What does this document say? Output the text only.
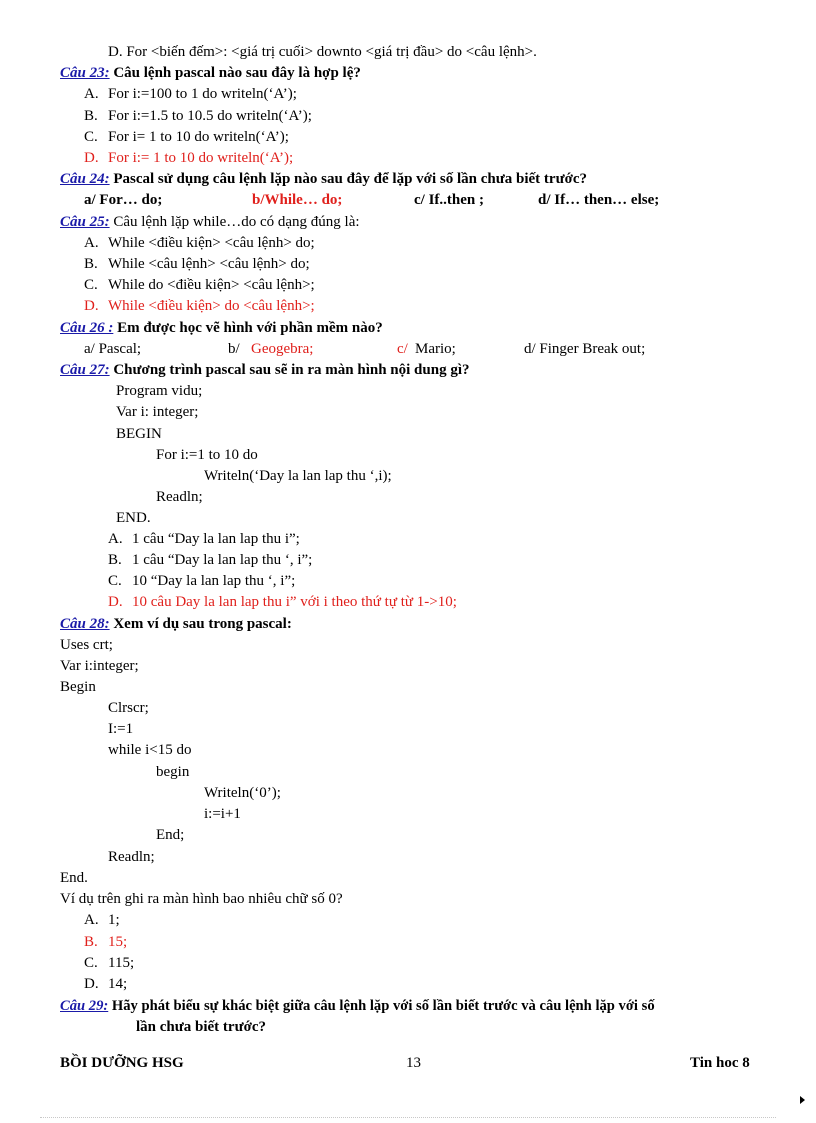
D. For <biến đếm>: <giá trị cuối> downto <giá trị đầu> do <câu lệnh>.
Câu 23: Câu lệnh pascal nào sau đây là hợp lệ?
A. For i:=100 to 1 do writeln(‘A’);
B. For i:=1.5 to 10.5 do writeln(‘A’);
C. For i= 1 to 10 do writeln(‘A’);
D. For i:= 1 to 10 do writeln(‘A’);
Câu 24: Pascal sử dụng câu lệnh lặp nào sau đây để lặp với số lần chưa biết trước?
a/ For… do;	b/While… do;	c/ If..then ;	d/ If… then… else;
Câu 25: Câu lệnh lặp while…do có dạng đúng là:
A. While <điều kiện> <câu lệnh> do;
B. While <câu lệnh> <câu lệnh> do;
C. While do <điều kiện> <câu lệnh>;
D. While <điều kiện> do <câu lệnh>;
Câu 26 : Em được học vẽ hình với phần mềm nào?
a/ Pascal;	b/ Geogebra;	c/ Mario;	d/ Finger Break out;
Câu 27: Chương trình pascal sau sẽ in ra màn hình nội dung gì?
Program vidu;
Var i: integer;
BEGIN
For i:=1 to 10 do
Writeln(‘Day la lan lap thu ‘,i);
Readln;
END.
A. 1 câu “Day la lan lap thu i”;
B. 1 câu “Day la lan lap thu ‘, i”;
C. 10 “Day la lan lap thu ‘, i”;
D. 10 câu Day la lan lap thu i” với i theo thứ tự từ 1->10;
Câu 28: Xem ví dụ sau trong pascal:
Uses crt;
Var i:integer;
Begin
Clrscr;
I:=1
while i<15 do
begin
Writeln(‘0’);
i:=i+1
End;
Readln;
End.
Ví dụ trên ghi ra màn hình bao nhiêu chữ số 0?
A. 1;
B. 15;
C. 115;
D. 14;
Câu 29: Hãy phát biểu sự khác biệt giữa câu lệnh lặp với số lần biết trước và câu lệnh lặp với số
lần chưa biết trước?
BỒI DƯỠNG HSG	13	Tin hoc 8
